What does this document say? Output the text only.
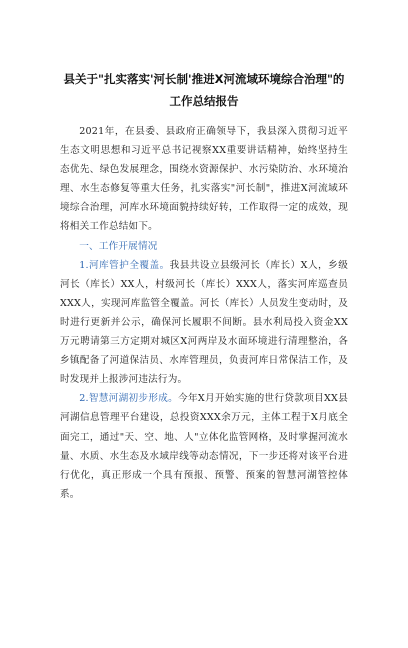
县关于"扎实落实'河长制'推进X河流域环境综合治理"的工作总结报告

2021年，在县委、县政府正确领导下，我县深入贯彻习近平生态文明思想和习近平总书记视察XX重要讲话精神，始终坚持生态优先、绿色发展理念，围绕水资源保护、水污染防治、水环境治理、水生态修复等重大任务，扎实落实"河长制"，推进X河流域环境综合治理，河库水环境面貌持续好转，工作取得一定的成效，现将相关工作总结如下。

一、工作开展情况

1.河库管护全覆盖。我县共设立县级河长（库长）X人，乡级河长（库长）XX人，村级河长（库长）XXX人，落实河库巡查员XXX人，实现河库监管全覆盖。河长（库长）人员发生变动时，及时进行更新并公示，确保河长履职不间断。县水利局投入资金XX万元聘请第三方定期对城区X河两岸及水面环境进行清理整治，各乡镇配备了河道保洁员、水库管理员，负责河库日常保洁工作，及时发现并上报涉河违法行为。

2.智慧河湖初步形成。今年X月开始实施的世行贷款项目XX县河湖信息管理平台建设，总投资XXX余万元，主体工程于X月底全面完工，通过"天、空、地、人"立体化监管网格，及时掌握河流水量、水质、水生态及水域岸线等动态情况，下一步还将对该平台进行优化，真正形成一个具有预报、预警、预案的智慧河湖管控体系。
